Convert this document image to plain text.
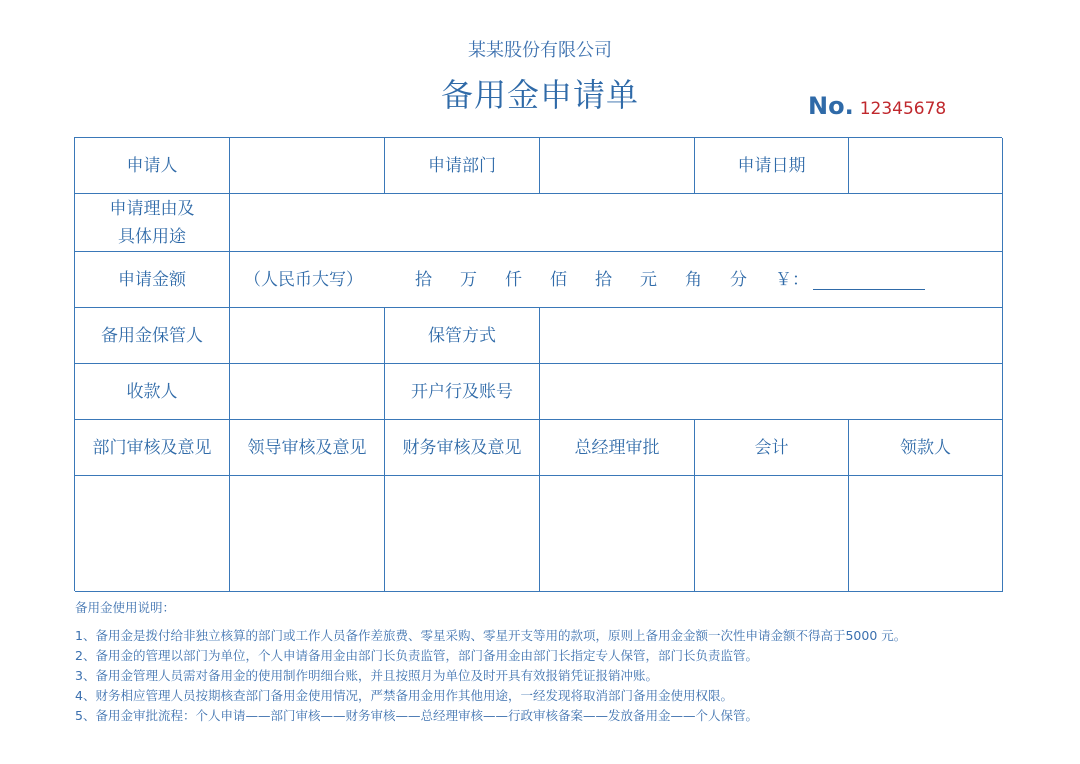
某某股份有限公司
备用金申请单	No. 12345678
申请人	申请部门	申请日期
申请理由及
具体用途
申请金额	（人民币大写）	拾	万	仟	佰	拾	元	角	分	￥：
备用金保管人	保管方式
收款人	开户行及账号
部门审核及意见	领导审核及意见	财务审核及意见	总经理审批	会计	领款人
备用金使用说明：
1、备用金是拨付给非独立核算的部门或工作人员备作差旅费、零星采购、零星开支等用的款项，原则上备用金金额一次性申请金额不得高于5000 元。
2、备用金的管理以部门为单位，个人申请备用金由部门长负责监管，部门备用金由部门长指定专人保管，部门长负责监管。
3、备用金管理人员需对备用金的使用制作明细台账，并且按照月为单位及时开具有效报销凭证报销冲账。
4、财务相应管理人员按期核查部门备用金使用情况，严禁备用金用作其他用途，一经发现将取消部门备用金使用权限。
5、备用金审批流程：个人申请——部门审核——财务审核——总经理审核——行政审核备案——发放备用金——个人保管。
